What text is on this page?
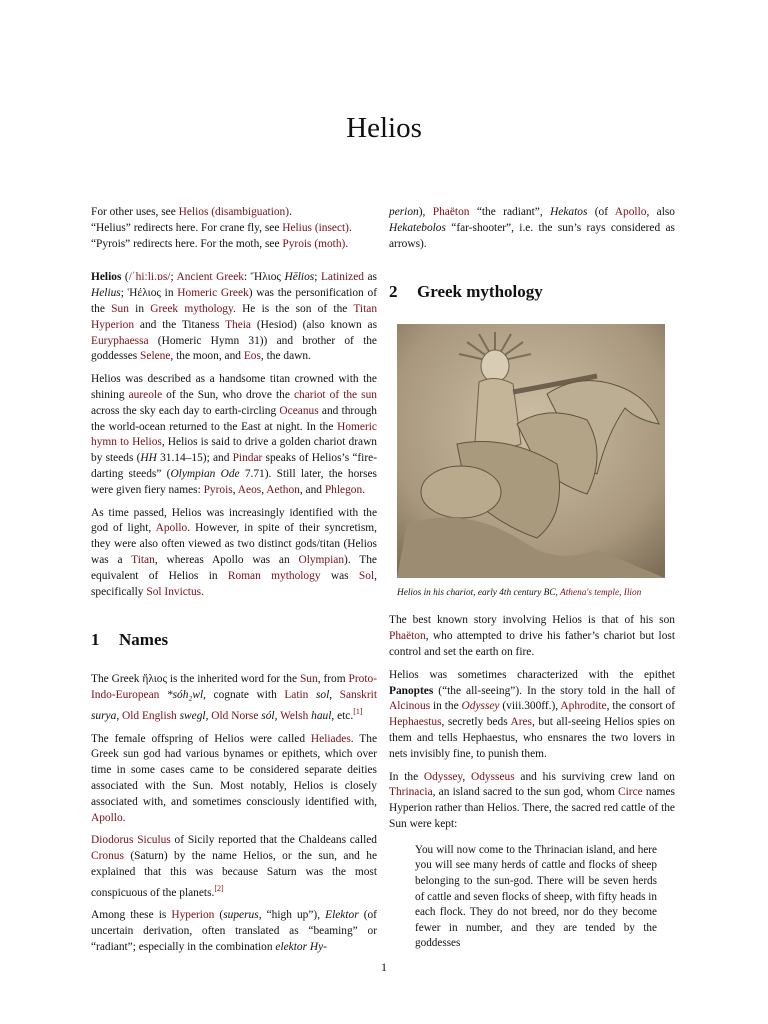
Helios

For other uses, see Helios (disambiguation).

“Helius” redirects here. For crane fly, see Helius (insect).

“Pyrois” redirects here. For the moth, see Pyrois (moth).

Helios (/ˈhiːli.ɒs/; Ancient Greek: Ἥλιος Hēlios; Latinized as Helius; Ἡέλιος in Homeric Greek) was the personification of the Sun in Greek mythology. He is the son of the Titan Hyperion and the Titaness Theia (Hesiod) (also known as Euryphaessa (Homeric Hymn 31)) and brother of the goddesses Selene, the moon, and Eos, the dawn.

Helios was described as a handsome titan crowned with the shining aureole of the Sun, who drove the chariot of the sun across the sky each day to earth-circling Oceanus and through the world-ocean returned to the East at night. In the Homeric hymn to Helios, Helios is said to drive a golden chariot drawn by steeds (HH 31.14–15); and Pindar speaks of Helios’s “fire-darting steeds” (Olympian Ode 7.71). Still later, the horses were given fiery names: Pyrois, Aeos, Aethon, and Phlegon.

As time passed, Helios was increasingly identified with the god of light, Apollo. However, in spite of their syncretism, they were also often viewed as two distinct gods/titan (Helios was a Titan, whereas Apollo was an Olympian). The equivalent of Helios in Roman mythology was Sol, specifically Sol Invictus.

1 Names

The Greek ἥλιος is the inherited word for the Sun, from Proto-Indo-European *sóh₂wl, cognate with Latin sol, Sanskrit surya, Old English swegl, Old Norse sól, Welsh haul, etc.[1]

The female offspring of Helios were called Heliades. The Greek sun god had various bynames or epithets, which over time in some cases came to be considered separate deities associated with the Sun. Most notably, Helios is closely associated with, and sometimes consciously identified with, Apollo.

Diodorus Siculus of Sicily reported that the Chaldeans called Cronus (Saturn) by the name Helios, or the sun, and he explained that this was because Saturn was the most conspicuous of the planets.[2]

Among these is Hyperion (superus, “high up”), Elektor (of uncertain derivation, often translated as “beaming” or “radiant”; especially in the combination elektor Hy-

perion), Phaëton “the radiant”, Hekatos (of Apollo, also Hekatebolos “far-shooter”, i.e. the sun’s rays considered as arrows).

2 Greek mythology
Helios in his chariot, early 4th century BC, Athena's temple, Ilion

The best known story involving Helios is that of his son Phaëton, who attempted to drive his father’s chariot but lost control and set the earth on fire.

Helios was sometimes characterized with the epithet Panoptes (“the all-seeing”). In the story told in the hall of Alcinous in the Odyssey (viii.300ff.), Aphrodite, the consort of Hephaestus, secretly beds Ares, but all-seeing Helios spies on them and tells Hephaestus, who ensnares the two lovers in nets invisibly fine, to punish them.

In the Odyssey, Odysseus and his surviving crew land on Thrinacia, an island sacred to the sun god, whom Circe names Hyperion rather than Helios. There, the sacred red cattle of the Sun were kept:

You will now come to the Thrinacian island, and here you will see many herds of cattle and flocks of sheep belonging to the sun-god. There will be seven herds of cattle and seven flocks of sheep, with fifty heads in each flock. They do not breed, nor do they become fewer in number, and they are tended by the goddesses
1
